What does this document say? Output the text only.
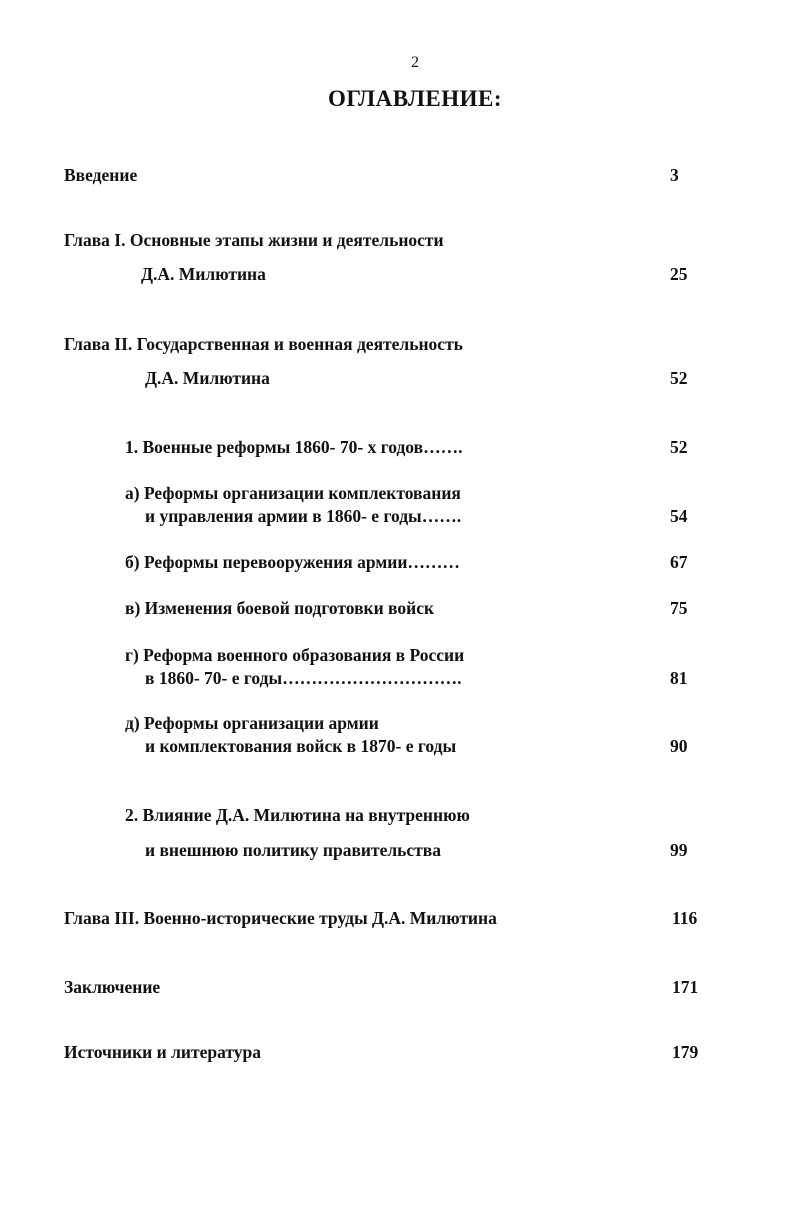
2
ОГЛАВЛЕНИЕ:
Введение	3
Глава I. Основные этапы жизни и деятельности
Д.А. Милютина	25
Глава II. Государственная и военная деятельность
Д.А. Милютина	52
1. Военные реформы 1860- 70- х годов…….	52
а) Реформы организации комплектования
и управления армии в 1860- е годы…….	54
б) Реформы перевооружения армии………	67
в) Изменения боевой подготовки войск	75
г) Реформа военного образования в России
в 1860- 70- е годы………………………….	81
д) Реформы организации армии
и комплектования войск в 1870- е годы	90
2. Влияние Д.А. Милютина на внутреннюю
и внешнюю политику правительства	99
Глава III. Военно-исторические труды Д.А. Милютина	116
Заключение	171
Источники и литература	179
